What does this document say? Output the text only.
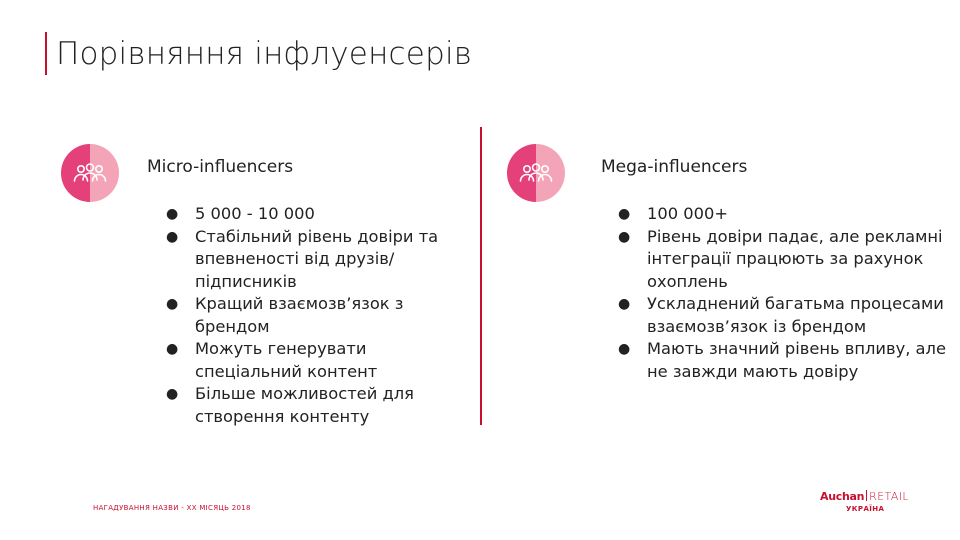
Порівняння інфлуенсерів
Micro-influencers
● 5 000 - 10 000
● Стабільний рівень довіри та впевненості від друзів/підписників
● Кращий взаємозв’язок з брендом
● Можуть генерувати спеціальний контент
● Більше можливостей для створення контенту
Mega-influencers
● 100 000+
● Рівень довіри падає, але рекламні інтеграції працюють за рахунок охоплень
● Ускладнений багатьма процесами взаємозв’язок із брендом
● Мають значний рівень впливу, але не завжди мають довіру
НАГАДУВАННЯ НАЗВИ - ХХ МІСЯЦЬ 2018
Auchan RETAIL
УКРАЇНА
